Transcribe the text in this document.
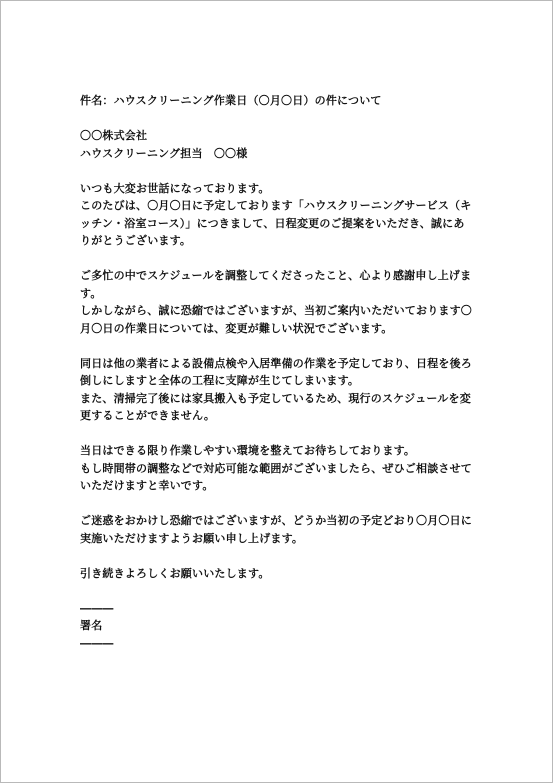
件名：ハウスクリーニング作業日（〇月〇日）の件について
〇〇株式会社
ハウスクリーニング担当　〇〇様
いつも大変お世話になっております。
このたびは、〇月〇日に予定しております「ハウスクリーニングサービス（キ
ッチン・浴室コース）」につきまして、日程変更のご提案をいただき、誠にあ
りがとうございます。
ご多忙の中でスケジュールを調整してくださったこと、心より感謝申し上げま
す。
しかしながら、誠に恐縮ではございますが、当初ご案内いただいております〇
月〇日の作業日については、変更が難しい状況でございます。
同日は他の業者による設備点検や入居準備の作業を予定しており、日程を後ろ
倒しにしますと全体の工程に支障が生じてしまいます。
また、清掃完了後には家具搬入も予定しているため、現行のスケジュールを変
更することができません。
当日はできる限り作業しやすい環境を整えてお待ちしております。
もし時間帯の調整などで対応可能な範囲がございましたら、ぜひご相談させて
いただけますと幸いです。
ご迷惑をおかけし恐縮ではございますが、どうか当初の予定どおり〇月〇日に
実施いただけますようお願い申し上げます。
引き続きよろしくお願いいたします。
―――
署名
―――
